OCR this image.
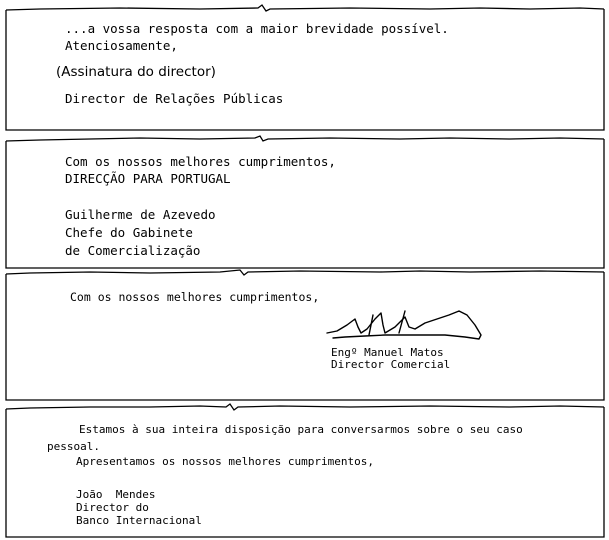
...a vossa resposta com a maior brevidade possível.
Atenciosamente,
(Assinatura do director)
Director de Relações Públicas
Com os nossos melhores cumprimentos,
DIRECÇÃO PARA PORTUGAL
Guilherme de Azevedo
Chefe do Gabinete
de Comercialização
Com os nossos melhores cumprimentos,
Engº Manuel Matos
Director Comercial
Estamos à sua inteira disposição para conversarmos sobre o seu caso
pessoal.
Apresentamos os nossos melhores cumprimentos,
João  Mendes
Director do
Banco Internacional
